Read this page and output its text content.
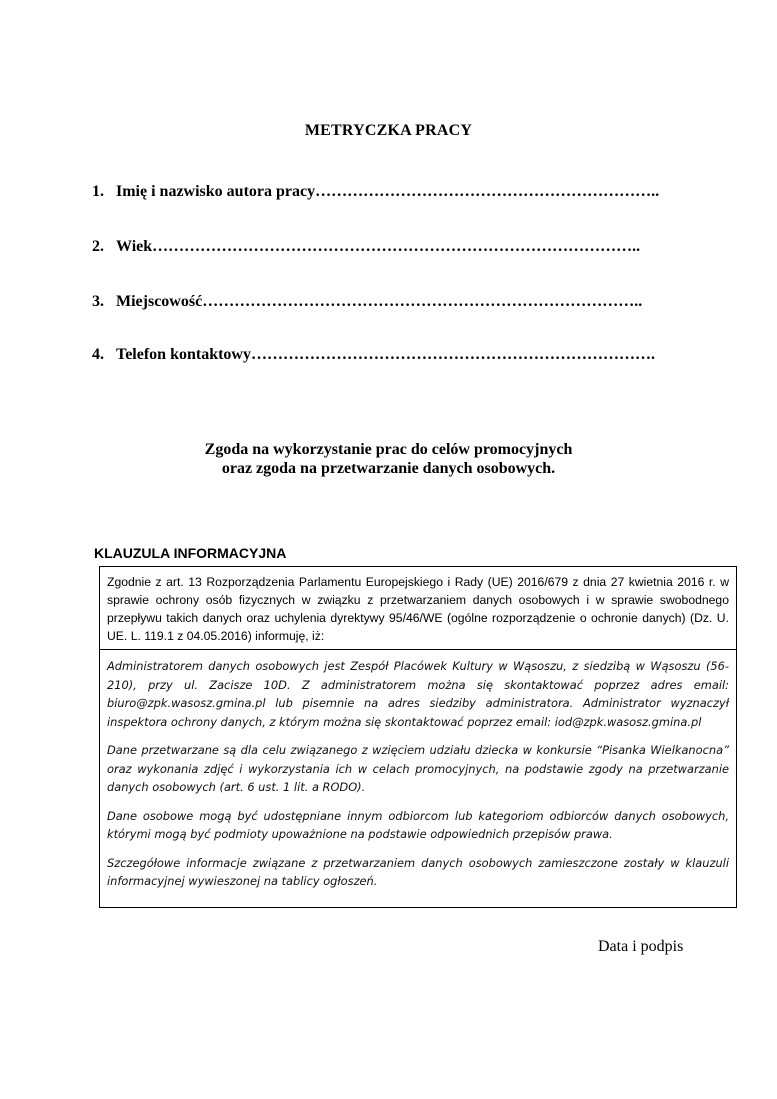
METRYCZKA PRACY
1. Imię i nazwisko autora pracy………………………………………………………..
2. Wiek………………………………………………………………………………..
3. Miejscowość………………………………………………………………………..
4. Telefon kontaktowy………………………………………………………………….
Zgoda na wykorzystanie prac do celów promocyjnych
oraz zgoda na przetwarzanie danych osobowych.
KLAUZULA INFORMACYJNA
Zgodnie z art. 13 Rozporządzenia Parlamentu Europejskiego i Rady (UE) 2016/679 z dnia 27 kwietnia 2016 r. w sprawie ochrony osób fizycznych w związku z przetwarzaniem danych osobowych i w sprawie swobodnego przepływu takich danych oraz uchylenia dyrektywy 95/46/WE (ogólne rozporządzenie o ochronie danych) (Dz. U. UE. L. 119.1 z 04.05.2016) informuję, iż:

Administratorem danych osobowych jest Zespół Placówek Kultury w Wąsoszu, z siedzibą w Wąsoszu (56-210), przy ul. Zacisze 10D. Z administratorem można się skontaktować poprzez adres email: biuro@zpk.wasosz.gmina.pl lub pisemnie na adres siedziby administratora. Administrator wyznaczył inspektora ochrony danych, z którym można się skontaktować poprzez email: iod@zpk.wasosz.gmina.pl

Dane przetwarzane są dla celu związanego z wzięciem udziału dziecka w konkursie “Pisanka Wielkanocna” oraz wykonania zdjęć i wykorzystania ich w celach promocyjnych, na podstawie zgody na przetwarzanie danych osobowych (art. 6 ust. 1 lit. a RODO).

Dane osobowe mogą być udostępniane innym odbiorcom lub kategoriom odbiorców danych osobowych, którymi mogą być podmioty upoważnione na podstawie odpowiednich przepisów prawa.

Szczegółowe informacje związane z przetwarzaniem danych osobowych zamieszczone zostały w klauzuli informacyjnej wywieszonej na tablicy ogłoszeń.

Data i podpis
